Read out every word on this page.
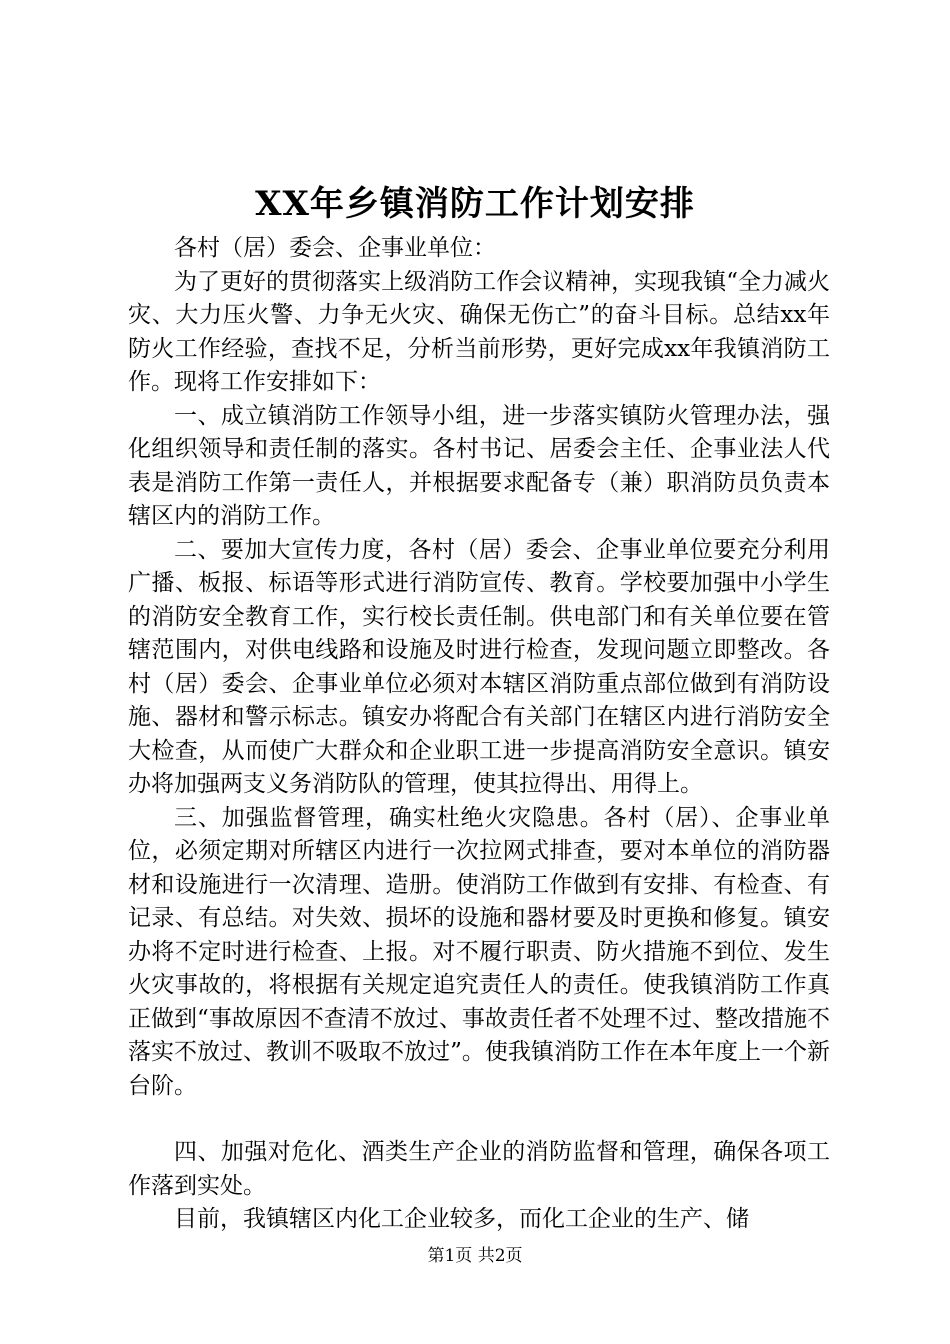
XX年乡镇消防工作计划安排

各村（居）委会、企事业单位：

为了更好的贯彻落实上级消防工作会议精神，实现我镇“全力减火灾、大力压火警、力争无火灾、确保无伤亡”的奋斗目标。总结xx年防火工作经验，查找不足，分析当前形势，更好完成xx年我镇消防工作。现将工作安排如下：

一、成立镇消防工作领导小组，进一步落实镇防火管理办法，强化组织领导和责任制的落实。各村书记、居委会主任、企事业法人代表是消防工作第一责任人，并根据要求配备专（兼）职消防员负责本辖区内的消防工作。

二、要加大宣传力度，各村（居）委会、企事业单位要充分利用广播、板报、标语等形式进行消防宣传、教育。学校要加强中小学生的消防安全教育工作，实行校长责任制。供电部门和有关单位要在管辖范围内，对供电线路和设施及时进行检查，发现问题立即整改。各村（居）委会、企事业单位必须对本辖区消防重点部位做到有消防设施、器材和警示标志。镇安办将配合有关部门在辖区内进行消防安全大检查，从而使广大群众和企业职工进一步提高消防安全意识。镇安办将加强两支义务消防队的管理，使其拉得出、用得上。

三、加强监督管理，确实杜绝火灾隐患。各村（居）、企事业单位，必须定期对所辖区内进行一次拉网式排查，要对本单位的消防器材和设施进行一次清理、造册。使消防工作做到有安排、有检查、有记录、有总结。对失效、损坏的设施和器材要及时更换和修复。镇安办将不定时进行检查、上报。对不履行职责、防火措施不到位、发生火灾事故的，将根据有关规定追究责任人的责任。使我镇消防工作真正做到“事故原因不查清不放过、事故责任者不处理不过、整改措施不落实不放过、教训不吸取不放过”。使我镇消防工作在本年度上一个新台阶。

四、加强对危化、酒类生产企业的消防监督和管理，确保各项工作落到实处。

目前，我镇辖区内化工企业较多，而化工企业的生产、储

第1页 共2页
